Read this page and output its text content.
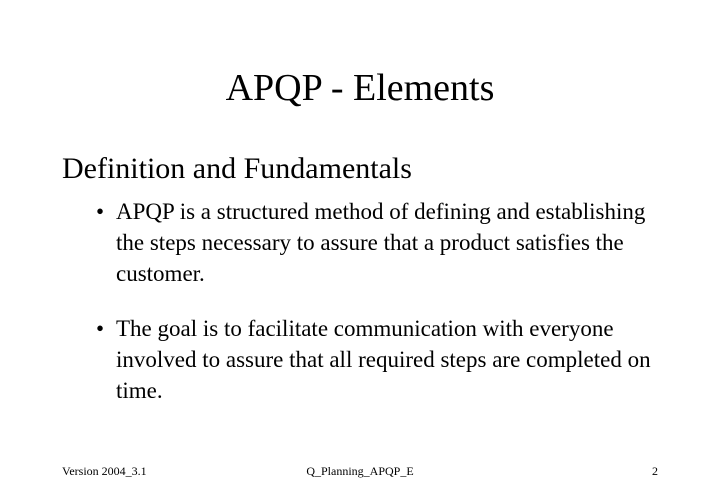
APQP - Elements
Definition and Fundamentals
• APQP is a structured method of defining and establishing the steps necessary to assure that a product satisfies the customer.
• The goal is to facilitate communication with everyone involved to assure that all required steps are completed on time.
Version 2004_3.1	Q_Planning_APQP_E	2
